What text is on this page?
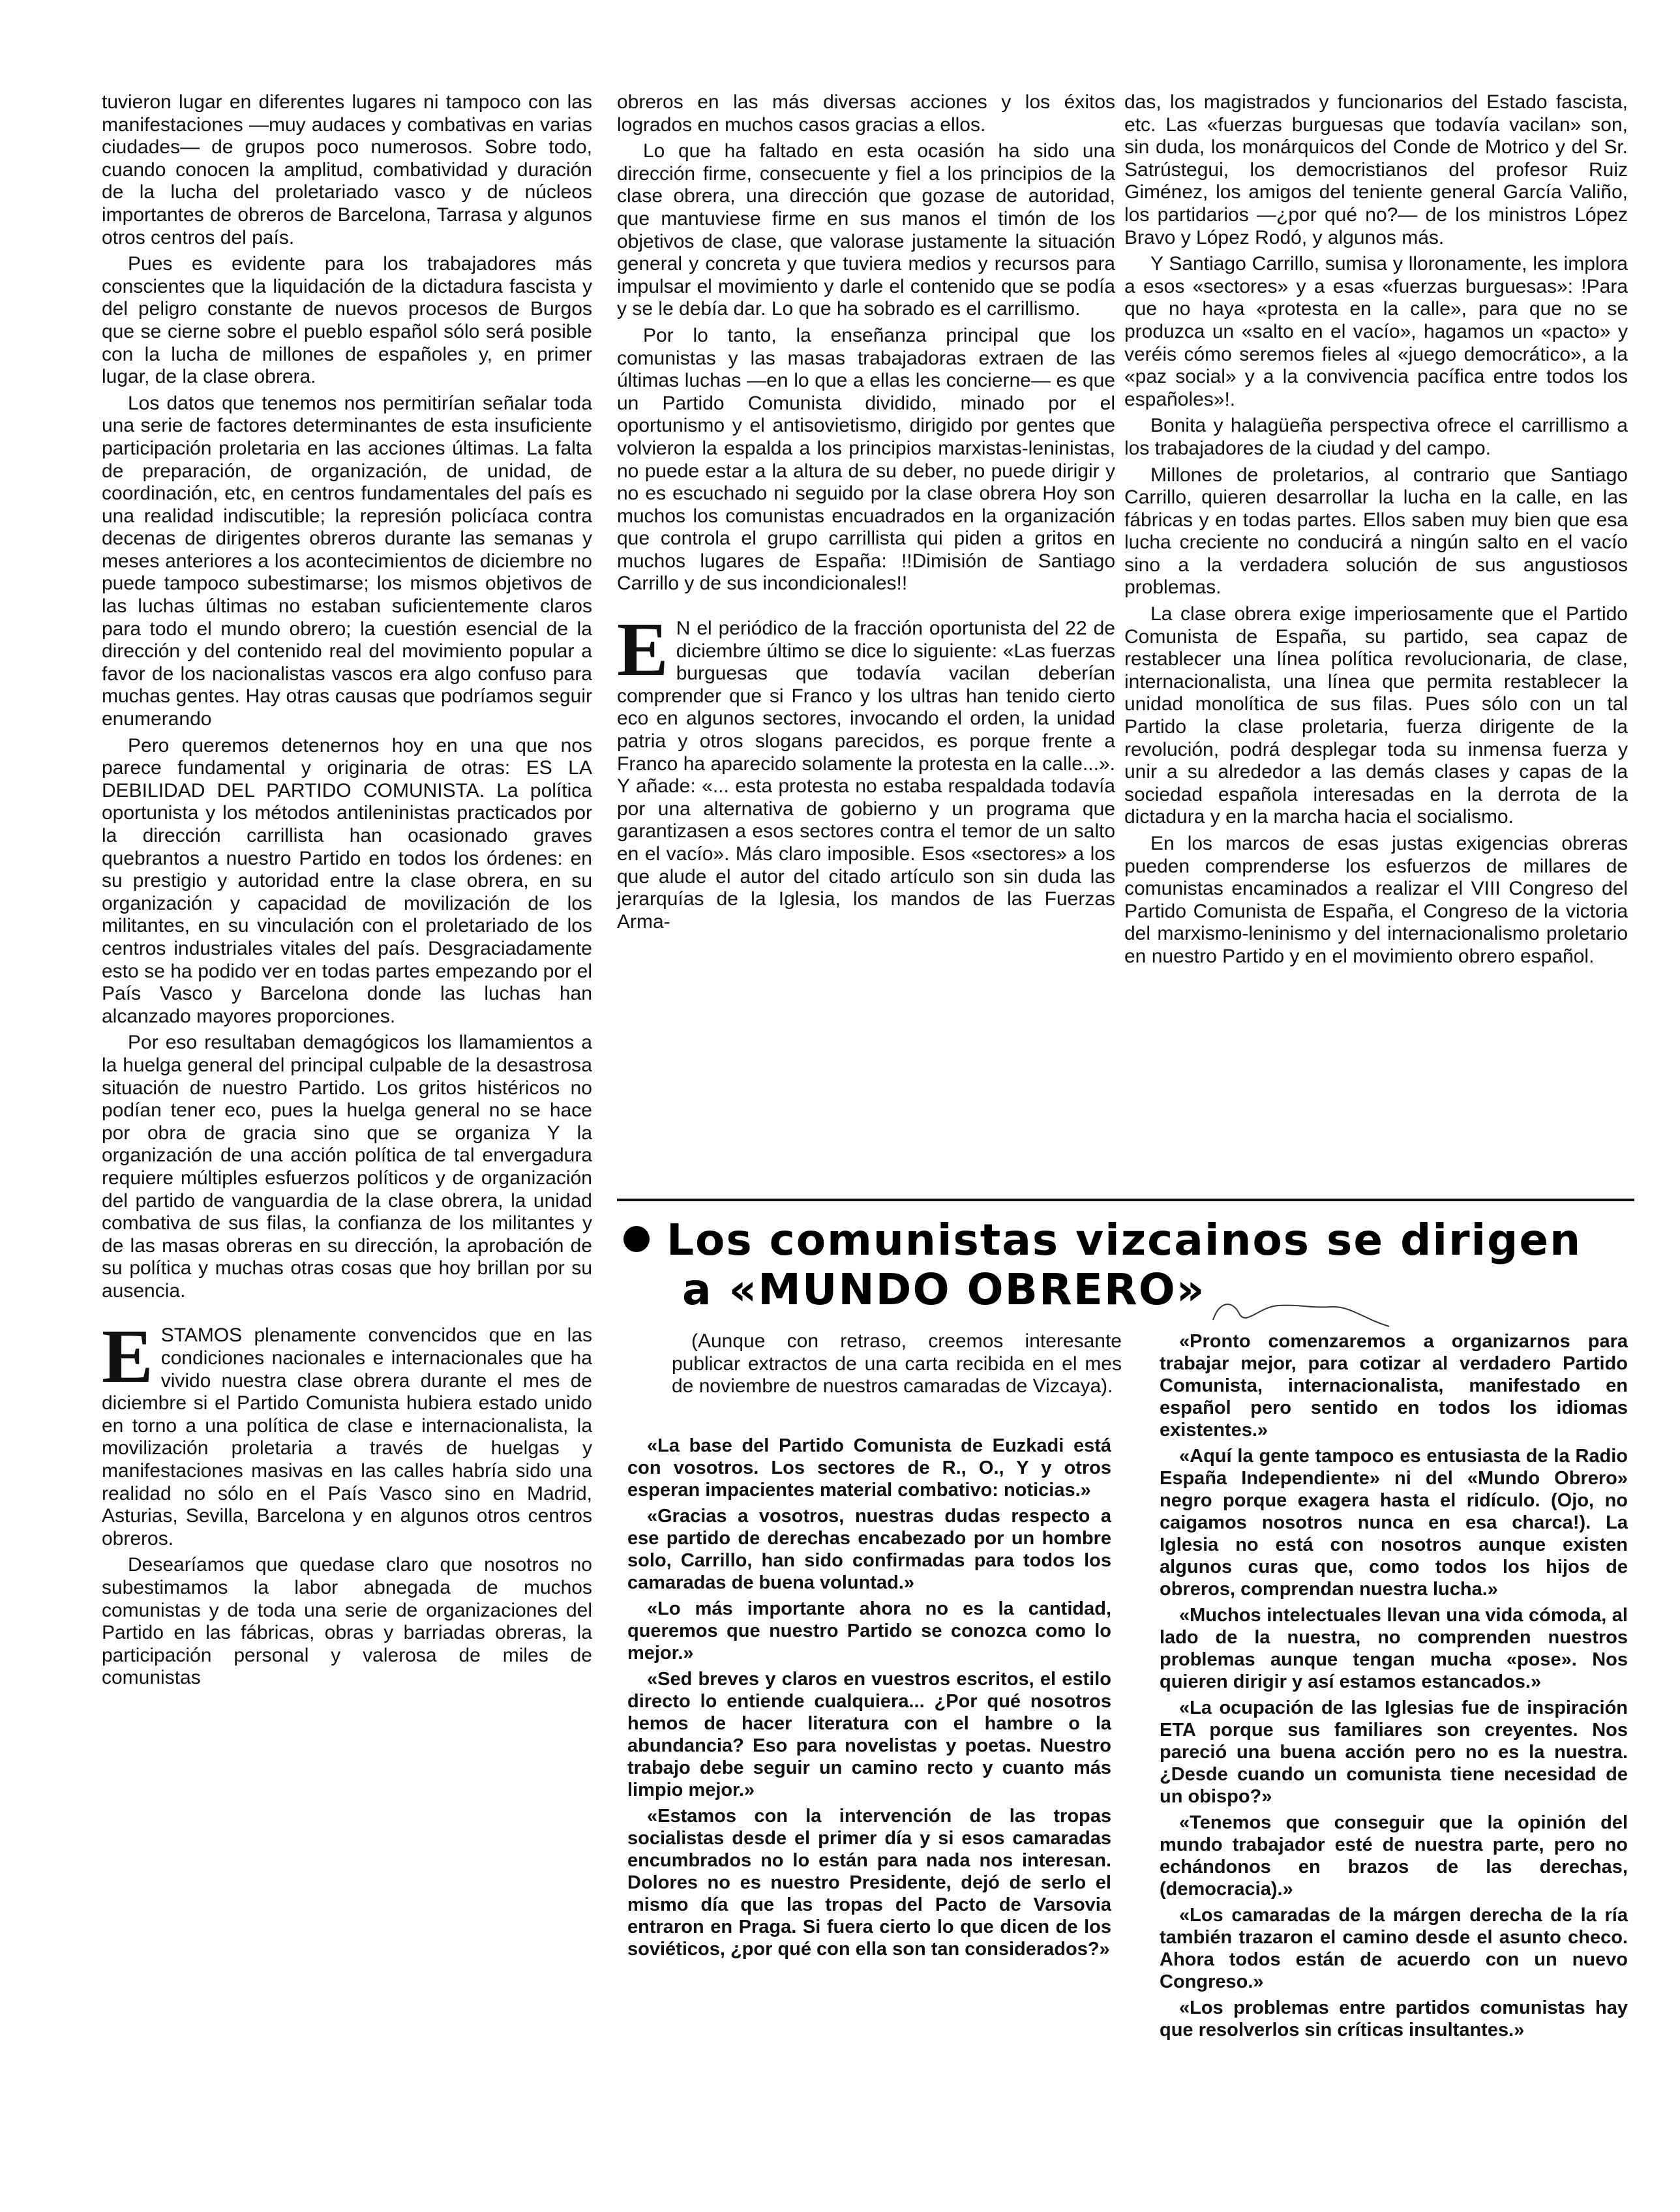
tuvieron lugar en diferentes lugares ni tampoco con las manifestaciones —muy audaces y combativas en varias ciudades— de grupos poco numerosos. Sobre todo, cuando conocen la amplitud, combatividad y duración de la lucha del proletariado vasco y de núcleos importantes de obreros de Barcelona, Tarrasa y algunos otros centros del país.

Pues es evidente para los trabajadores más conscientes que la liquidación de la dictadura fascista y del peligro constante de nuevos procesos de Burgos que se cierne sobre el pueblo español sólo será posible con la lucha de millones de españoles y, en primer lugar, de la clase obrera.

Los datos que tenemos nos permitirían señalar toda una serie de factores determinantes de esta insuficiente participación proletaria en las acciones últimas. La falta de preparación, de organización, de unidad, de coordinación, etc, en centros fundamentales del país es una realidad indiscutible; la represión policíaca contra decenas de dirigentes obreros durante las semanas y meses anteriores a los acontecimientos de diciembre no puede tampoco subestimarse; los mismos objetivos de las luchas últimas no estaban suficientemente claros para todo el mundo obrero; la cuestión esencial de la dirección y del contenido real del movimiento popular a favor de los nacionalistas vascos era algo confuso para muchas gentes. Hay otras causas que podríamos seguir enumerando

Pero queremos detenernos hoy en una que nos parece fundamental y originaria de otras: ES LA DEBILIDAD DEL PARTIDO COMUNISTA. La política oportunista y los métodos antileninistas practicados por la dirección carrillista han ocasionado graves quebrantos a nuestro Partido en todos los órdenes: en su prestigio y autoridad entre la clase obrera, en su organización y capacidad de movilización de los militantes, en su vinculación con el proletariado de los centros industriales vitales del país. Desgraciadamente esto se ha podido ver en todas partes empezando por el País Vasco y Barcelona donde las luchas han alcanzado mayores proporciones.

Por eso resultaban demagógicos los llamamientos a la huelga general del principal culpable de la desastrosa situación de nuestro Partido. Los gritos histéricos no podían tener eco, pues la huelga general no se hace por obra de gracia sino que se organiza Y la organización de una acción política de tal envergadura requiere múltiples esfuerzos políticos y de organización del partido de vanguardia de la clase obrera, la unidad combativa de sus filas, la confianza de los militantes y de las masas obreras en su dirección, la aprobación de su política y muchas otras cosas que hoy brillan por su ausencia.

ESTAMOS plenamente convencidos que en las condiciones nacionales e internacionales que ha vivido nuestra clase obrera durante el mes de diciembre si el Partido Comunista hubiera estado unido en torno a una política de clase e internacionalista, la movilización proletaria a través de huelgas y manifestaciones masivas en las calles habría sido una realidad no sólo en el País Vasco sino en Madrid, Asturias, Sevilla, Barcelona y en algunos otros centros obreros.

Desearíamos que quedase claro que nosotros no subestimamos la labor abnegada de muchos comunistas y de toda una serie de organizaciones del Partido en las fábricas, obras y barriadas obreras, la participación personal y valerosa de miles de comunistas

obreros en las más diversas acciones y los éxitos logrados en muchos casos gracias a ellos.

Lo que ha faltado en esta ocasión ha sido una dirección firme, consecuente y fiel a los principios de la clase obrera, una dirección que gozase de autoridad, que mantuviese firme en sus manos el timón de los objetivos de clase, que valorase justamente la situación general y concreta y que tuviera medios y recursos para impulsar el movimiento y darle el contenido que se podía y se le debía dar. Lo que ha sobrado es el carrillismo.

Por lo tanto, la enseñanza principal que los comunistas y las masas trabajadoras extraen de las últimas luchas —en lo que a ellas les concierne— es que un Partido Comunista dividido, minado por el oportunismo y el antisovietismo, dirigido por gentes que volvieron la espalda a los principios marxistas-leninistas, no puede estar a la altura de su deber, no puede dirigir y no es escuchado ni seguido por la clase obrera Hoy son muchos los comunistas encuadrados en la organización que controla el grupo carrillista qui piden a gritos en muchos lugares de España: !!Dimisión de Santiago Carrillo y de sus incondicionales!!

E N el periódico de la fracción oportunista del 22 de diciembre último se dice lo siguiente: «Las fuerzas burguesas que todavía vacilan deberían comprender que si Franco y los ultras han tenido cierto eco en algunos sectores, invocando el orden, la unidad patria y otros slogans parecidos, es porque frente a Franco ha aparecido solamente la protesta en la calle...». Y añade: «... esta protesta no estaba respaldada todavía por una alternativa de gobierno y un programa que garantizasen a esos sectores contra el temor de un salto en el vacío». Más claro imposible. Esos «sectores» a los que alude el autor del citado artículo son sin duda las jerarquías de la Iglesia, los mandos de las Fuerzas Arma-

das, los magistrados y funcionarios del Estado fascista, etc. Las «fuerzas burguesas que todavía vacilan» son, sin duda, los monárquicos del Conde de Motrico y del Sr. Satrústegui, los democristianos del profesor Ruiz Giménez, los amigos del teniente general García Valiño, los partidarios —¿por qué no?— de los ministros López Bravo y López Rodó, y algunos más.

Y Santiago Carrillo, sumisa y lloronamente, les implora a esos «sectores» y a esas «fuerzas burguesas»: !Para que no haya «protesta en la calle», para que no se produzca un «salto en el vacío», hagamos un «pacto» y veréis cómo seremos fieles al «juego democrático», a la «paz social» y a la convivencia pacífica entre todos los españoles»!.

Bonita y halagüeña perspectiva ofrece el carrillismo a los trabajadores de la ciudad y del campo.

Millones de proletarios, al contrario que Santiago Carrillo, quieren desarrollar la lucha en la calle, en las fábricas y en todas partes. Ellos saben muy bien que esa lucha creciente no conducirá a ningún salto en el vacío sino a la verdadera solución de sus angustiosos problemas.

La clase obrera exige imperiosamente que el Partido Comunista de España, su partido, sea capaz de restablecer una línea política revolucionaria, de clase, internacionalista, una línea que permita restablecer la unidad monolítica de sus filas. Pues sólo con un tal Partido la clase proletaria, fuerza dirigente de la revolución, podrá desplegar toda su inmensa fuerza y unir a su alrededor a las demás clases y capas de la sociedad española interesadas en la derrota de la dictadura y en la marcha hacia el socialismo.

En los marcos de esas justas exigencias obreras pueden comprenderse los esfuerzos de millares de comunistas encaminados a realizar el VIII Congreso del Partido Comunista de España, el Congreso de la victoria del marxismo-leninismo y del internacionalismo proletario en nuestro Partido y en el movimiento obrero español.

Los comunistas vizcainos se dirigen
a «MUNDO OBRERO»

(Aunque con retraso, creemos interesante publicar extractos de una carta recibida en el mes de noviembre de nuestros camaradas de Vizcaya).

«La base del Partido Comunista de Euzkadi está con vosotros. Los sectores de R., O., Y y otros esperan impacientes material combativo: noticias.»

«Gracias a vosotros, nuestras dudas respecto a ese partido de derechas encabezado por un hombre solo, Carrillo, han sido confirmadas para todos los camaradas de buena voluntad.»

«Lo más importante ahora no es la cantidad, queremos que nuestro Partido se conozca como lo mejor.»

«Sed breves y claros en vuestros escritos, el estilo directo lo entiende cualquiera... ¿Por qué nosotros hemos de hacer literatura con el hambre o la abundancia? Eso para novelistas y poetas. Nuestro trabajo debe seguir un camino recto y cuanto más limpio mejor.»

«Estamos con la intervención de las tropas socialistas desde el primer día y si esos camaradas encumbrados no lo están para nada nos interesan. Dolores no es nuestro Presidente, dejó de serlo el mismo día que las tropas del Pacto de Varsovia entraron en Praga. Si fuera cierto lo que dicen de los soviéticos, ¿por qué con ella son tan considerados?»

«Pronto comenzaremos a organizarnos para trabajar mejor, para cotizar al verdadero Partido Comunista, internacionalista, manifestado en español pero sentido en todos los idiomas existentes.»

«Aquí la gente tampoco es entusiasta de la Radio España Independiente» ni del «Mundo Obrero» negro porque exagera hasta el ridículo. (Ojo, no caigamos nosotros nunca en esa charca!). La Iglesia no está con nosotros aunque existen algunos curas que, como todos los hijos de obreros, comprendan nuestra lucha.»

«Muchos intelectuales llevan una vida cómoda, al lado de la nuestra, no comprenden nuestros problemas aunque tengan mucha «pose». Nos quieren dirigir y así estamos estancados.»

«La ocupación de las Iglesias fue de inspiración ETA porque sus familiares son creyentes. Nos pareció una buena acción pero no es la nuestra. ¿Desde cuando un comunista tiene necesidad de un obispo?»

«Tenemos que conseguir que la opinión del mundo trabajador esté de nuestra parte, pero no echándonos en brazos de las derechas, (democracia).»

«Los camaradas de la márgen derecha de la ría también trazaron el camino desde el asunto checo. Ahora todos están de acuerdo con un nuevo Congreso.»

«Los problemas entre partidos comunistas hay que resolverlos sin críticas insultantes.»
